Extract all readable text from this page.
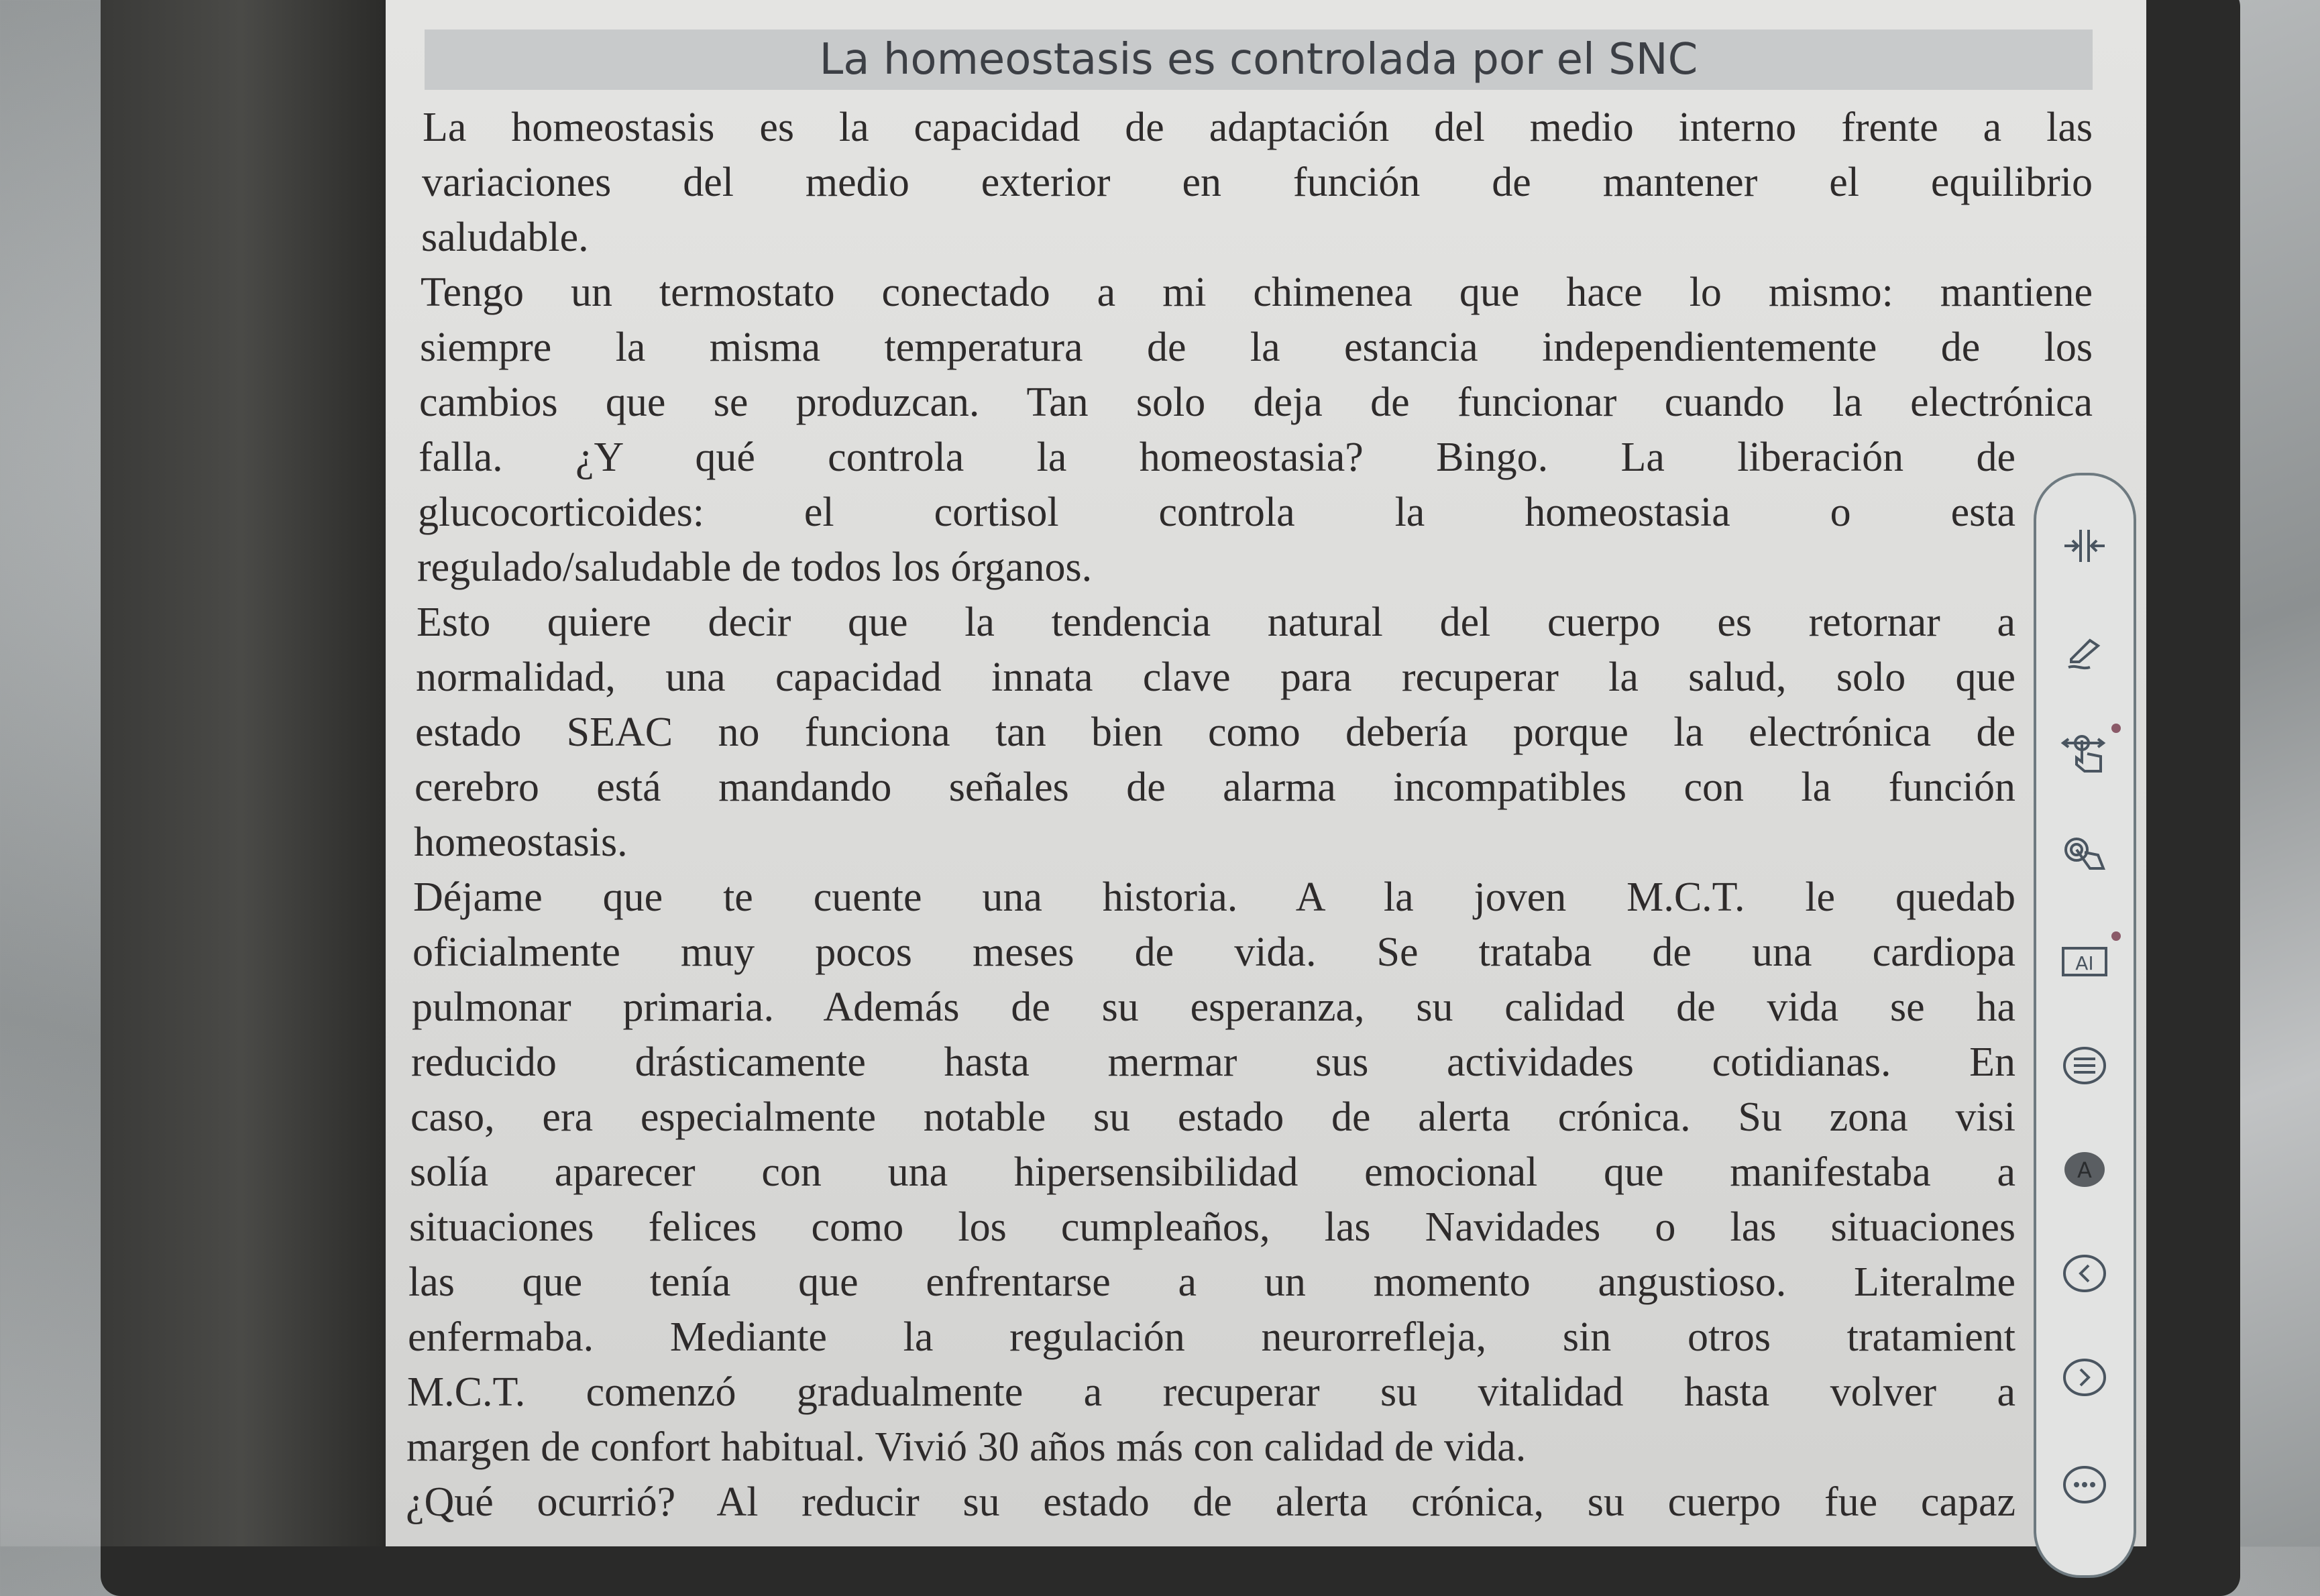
La homeostasis es controlada por el SNC
La homeostasis es la capacidad de adaptación del medio interno frente a las
variaciones del medio exterior en función de mantener el equilibrio
saludable.
Tengo un termostato conectado a mi chimenea que hace lo mismo: mantiene
siempre la misma temperatura de la estancia independientemente de los
cambios que se produzcan. Tan solo deja de funcionar cuando la electrónica
falla. ¿Y qué controla la homeostasia? Bingo. La liberación de
glucocorticoides: el cortisol controla la homeostasia o esta
regulado/saludable de todos los órganos.
Esto quiere decir que la tendencia natural del cuerpo es retornar a
normalidad, una capacidad innata clave para recuperar la salud, solo que
estado SEAC no funciona tan bien como debería porque la electrónica de
cerebro está mandando señales de alarma incompatibles con la función
homeostasis.
Déjame que te cuente una historia. A la joven M.C.T. le quedab
oficialmente muy pocos meses de vida. Se trataba de una cardiopa
pulmonar primaria. Además de su esperanza, su calidad de vida se ha
reducido drásticamente hasta mermar sus actividades cotidianas. En
caso, era especialmente notable su estado de alerta crónica. Su zona visi
solía aparecer con una hipersensibilidad emocional que manifestaba a
situaciones felices como los cumpleaños, las Navidades o las situaciones
las que tenía que enfrentarse a un momento angustioso. Literalme
enfermaba. Mediante la regulación neurorrefleja, sin otros tratamient
M.C.T. comenzó gradualmente a recuperar su vitalidad hasta volver a
margen de confort habitual. Vivió 30 años más con calidad de vida.
¿Qué ocurrió? Al reducir su estado de alerta crónica, su cuerpo fue capaz
AI
A
